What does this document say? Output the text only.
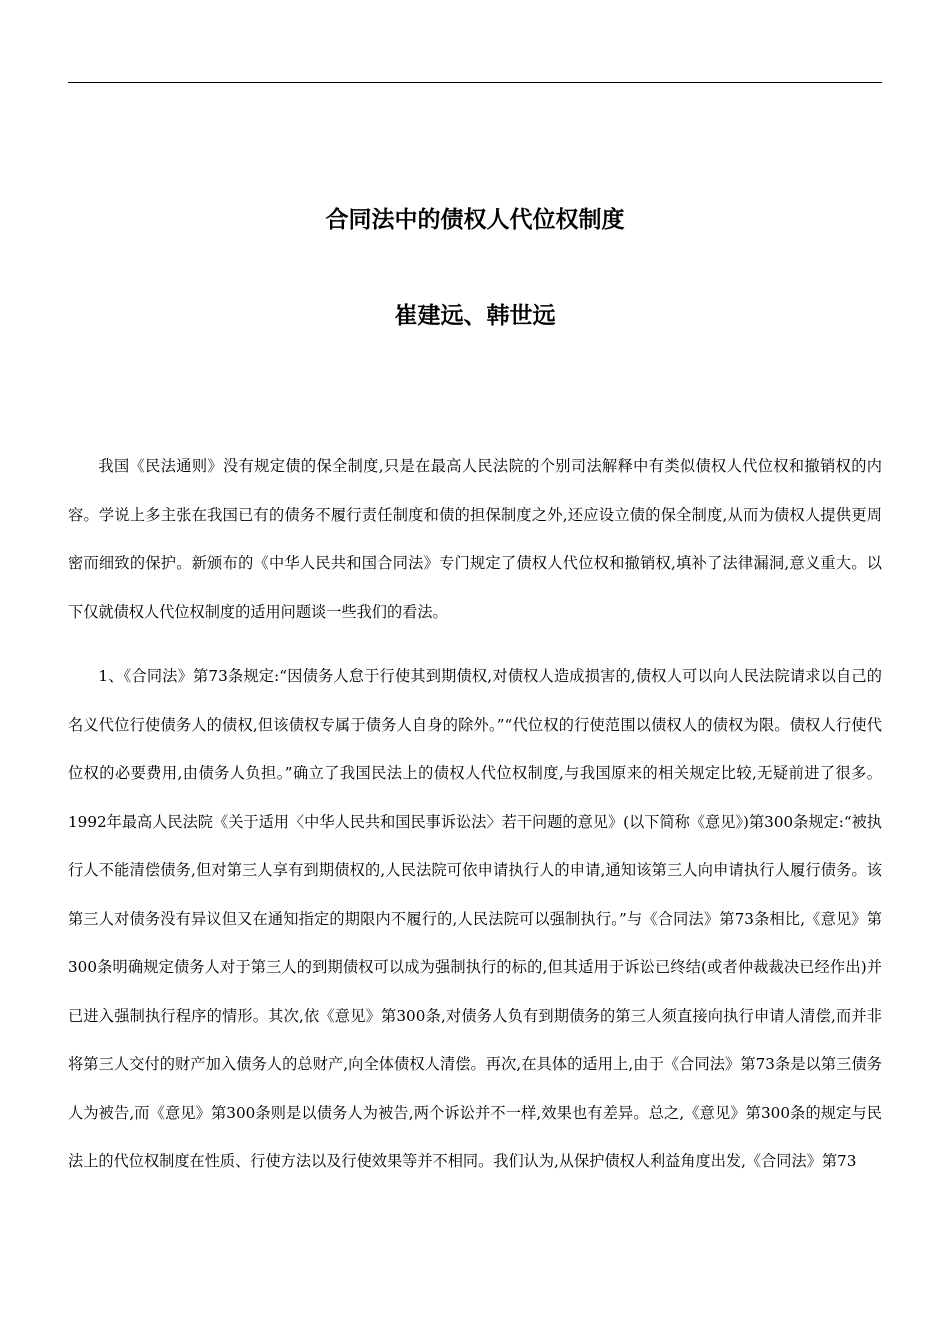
合同法中的债权人代位权制度
崔建远、韩世远

我国《民法通则》没有规定债的保全制度,只是在最高人民法院的个别司法解释中有类似债权人代位权和撤销权的内容。学说上多主张在我国已有的债务不履行责任制度和债的担保制度之外,还应设立债的保全制度,从而为债权人提供更周密而细致的保护。新颁布的《中华人民共和国合同法》专门规定了债权人代位权和撤销权,填补了法律漏洞,意义重大。以下仅就债权人代位权制度的适用问题谈一些我们的看法。

1、《合同法》第73条规定:“因债务人怠于行使其到期债权,对债权人造成损害的,债权人可以向人民法院请求以自己的名义代位行使债务人的债权,但该债权专属于债务人自身的除外。”“代位权的行使范围以债权人的债权为限。债权人行使代位权的必要费用,由债务人负担。”确立了我国民法上的债权人代位权制度,与我国原来的相关规定比较,无疑前进了很多。1992年最高人民法院《关于适用〈中华人民共和国民事诉讼法〉若干问题的意见》(以下简称《意见》)第300条规定:“被执行人不能清偿债务,但对第三人享有到期债权的,人民法院可依申请执行人的申请,通知该第三人向申请执行人履行债务。该第三人对债务没有异议但又在通知指定的期限内不履行的,人民法院可以强制执行。”与《合同法》第73条相比,《意见》第300条明确规定债务人对于第三人的到期债权可以成为强制执行的标的,但其适用于诉讼已终结(或者仲裁裁决已经作出)并已进入强制执行程序的情形。其次,依《意见》第300条,对债务人负有到期债务的第三人须直接向执行申请人清偿,而并非将第三人交付的财产加入债务人的总财产,向全体债权人清偿。再次,在具体的适用上,由于《合同法》第73条是以第三债务人为被告,而《意见》第300条则是以债务人为被告,两个诉讼并不一样,效果也有差异。总之,《意见》第300条的规定与民法上的代位权制度在性质、行使方法以及行使效果等并不相同。我们认为,从保护债权人利益角度出发,《合同法》第73
